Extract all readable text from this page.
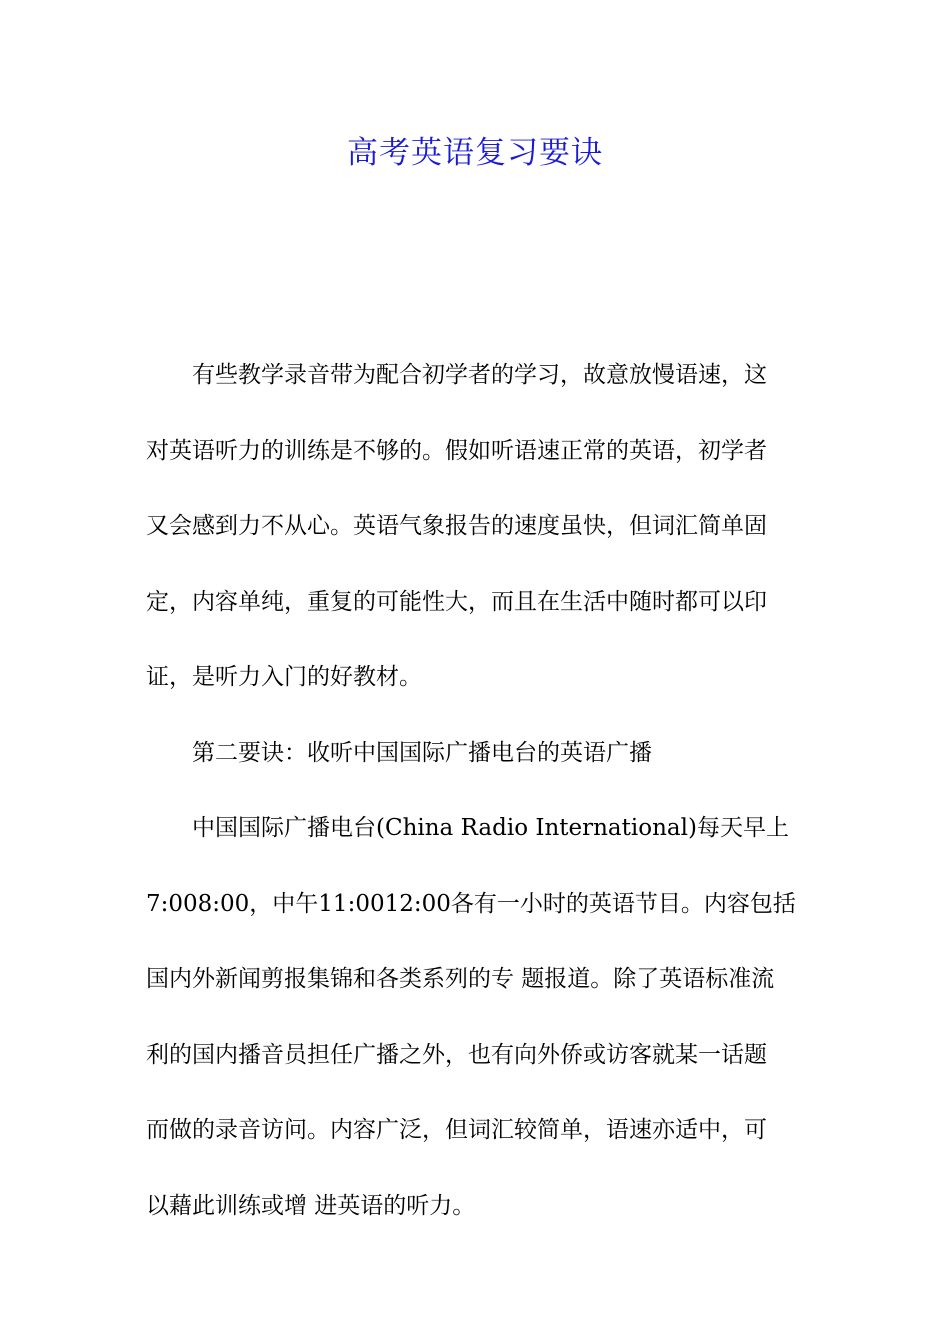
高考英语复习要诀

有些教学录音带为配合初学者的学习，故意放慢语速，这
对英语听力的训练是不够的。假如听语速正常的英语，初学者
又会感到力不从心。英语气象报告的速度虽快，但词汇简单固
定，内容单纯，重复的可能性大，而且在生活中随时都可以印
证，是听力入门的好教材。

第二要诀：收听中国国际广播电台的英语广播

中国国际广播电台(China Radio International)每天早上
7:008:00，中午11:0012:00各有一小时的英语节目。内容包括
国内外新闻剪报集锦和各类系列的专 题报道。除了英语标准流
利的国内播音员担任广播之外，也有向外侨或访客就某一话题
而做的录音访问。内容广泛，但词汇较简单，语速亦适中，可
以藉此训练或增 进英语的听力。
